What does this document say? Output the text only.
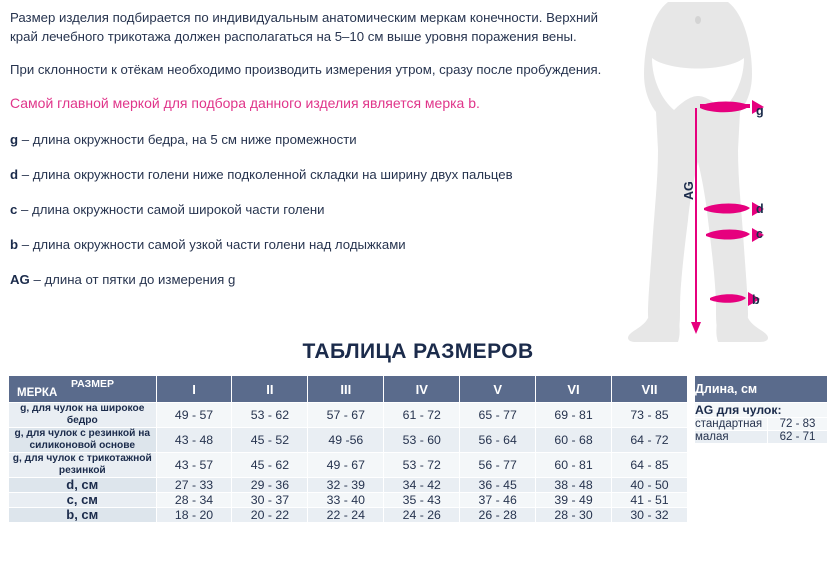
Размер изделия подбирается по индивидуальным анатомическим меркам конечности. Верхний край лечебного трикотажа должен располагаться на 5–10 см выше уровня поражения вены.

При склонности к отёкам необходимо производить измерения утром, сразу после пробуждения.

Самой главной меркой для подбора данного изделия является мерка b.

g – длина окружности бедра, на 5 см ниже промежности

d – длина окружности голени ниже подколенной складки на ширину двух пальцев

c – длина окружности самой широкой части голени

b – длина окружности самой узкой части голени над лодыжками

AG – длина от пятки до измерения g

g
d
c
b
AG
ТАБЛИЦА РАЗМЕРОВ
МЕРКА
РАЗМЕР	I	II	III	IV	V	VI	VII
g, для чулок на широкое бедро	49 - 57	53 - 62	57 - 67	61 - 72	65 - 77	69 - 81	73 - 85
g, для чулок с резинкой на силиконовой основе	43 - 48	45 - 52	49 -56	53 - 60	56 - 64	60 - 68	64 - 72
g, для чулок с трикотажной резинкой	43 - 57	45 - 62	49 - 67	53 - 72	56 - 77	60 - 81	64 - 85
d, см	27 - 33	29 - 36	32 - 39	34 - 42	36 - 45	38 - 48	40 - 50
c, см	28 - 34	30 - 37	33 - 40	35 - 43	37 - 46	39 - 49	41 - 51
b, см	18 - 20	20 - 22	22 - 24	24 - 26	26 - 28	28 - 30	30 - 32
Длина, см	
AG для чулок:	
стандартная	72 - 83
малая	62 - 71
